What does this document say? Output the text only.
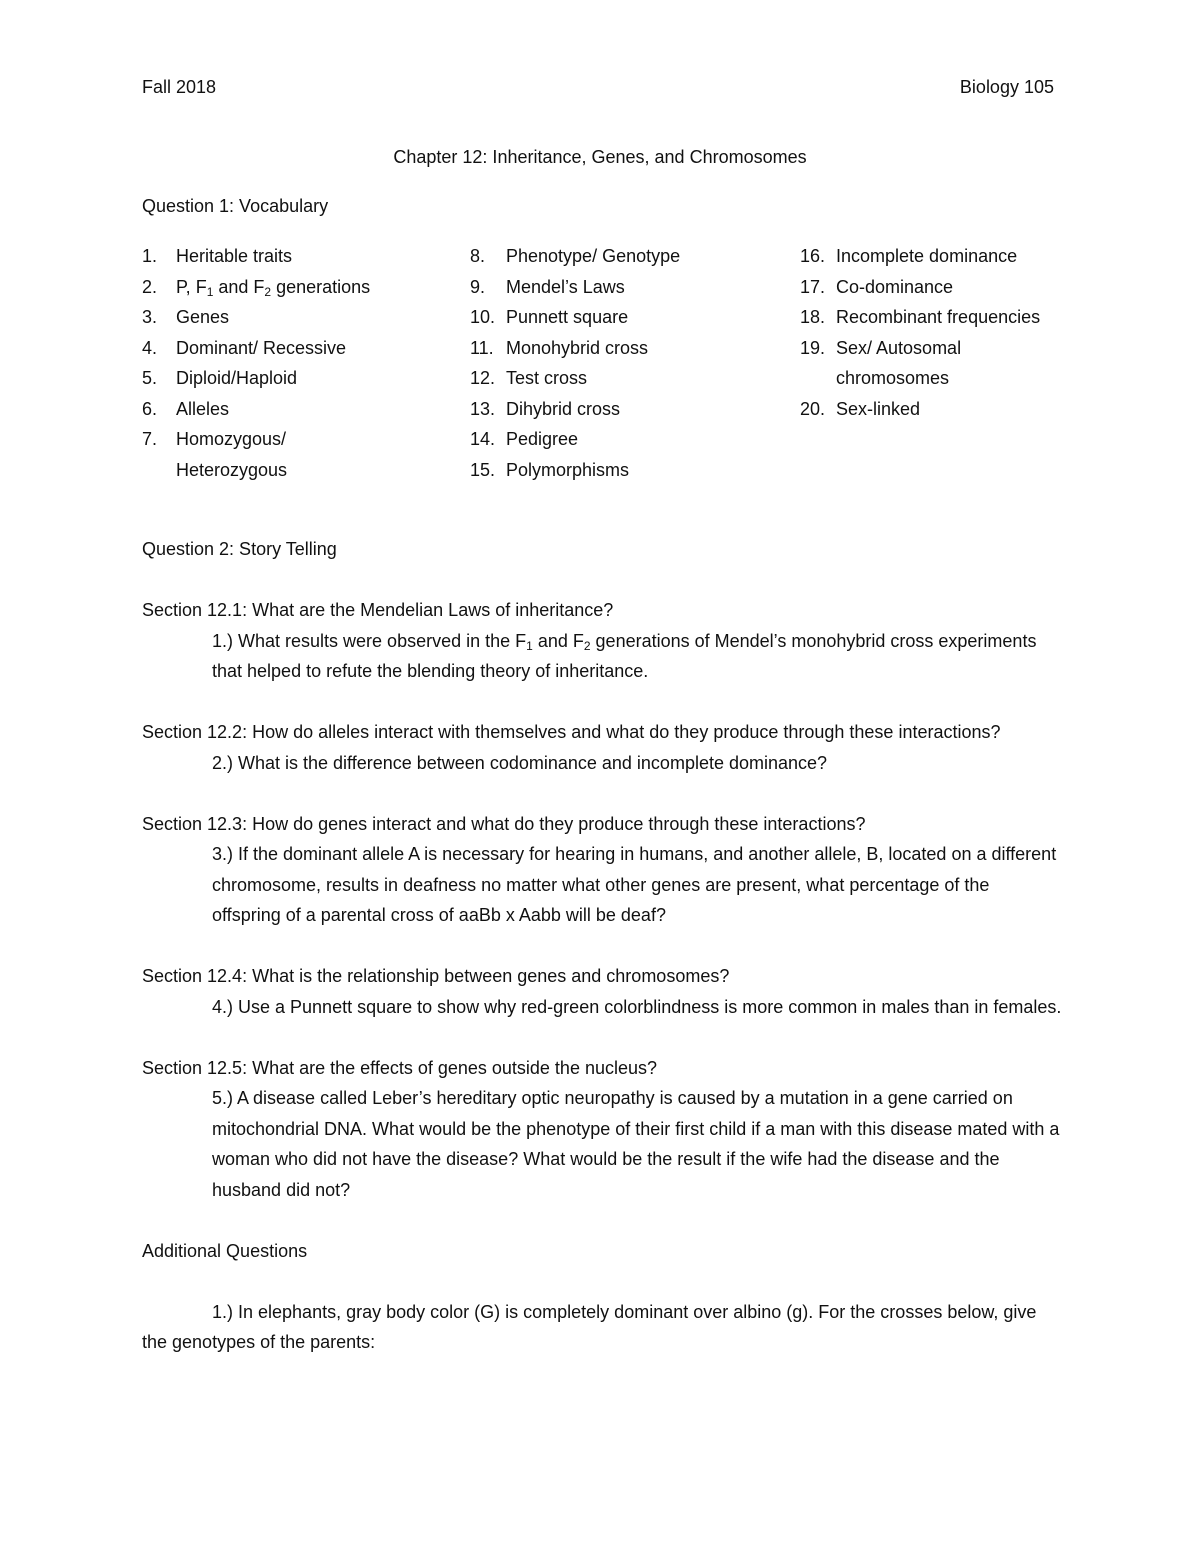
Fall 2018	Biology 105
Chapter 12: Inheritance, Genes, and Chromosomes
Question 1: Vocabulary
1.	Heritable traits
2.	P, $F_1$ and $F_2$ generations
3.	Genes
4.	Dominant/ Recessive
5.	Diploid/Haploid
6.	Alleles
7.	Homozygous/ Heterozygous
8.	Phenotype/ Genotype
9.	Mendel’s Laws
10. Punnett square
11. Monohybrid cross
12. Test cross
13. Dihybrid cross
14. Pedigree
15. Polymorphisms
16. Incomplete dominance
17. Co-dominance
18. Recombinant frequencies
19. Sex/ Autosomal chromosomes
20. Sex-linked

Question 2: Story Telling

Section 12.1: What are the Mendelian Laws of inheritance?

1.) What results were observed in the $F_1$ and $F_2$ generations of Mendel’s monohybrid cross experiments that helped to refute the blending theory of inheritance.

Section 12.2: How do alleles interact with themselves and what do they produce through these interactions?

2.) What is the difference between codominance and incomplete dominance?

Section 12.3: How do genes interact and what do they produce through these interactions?

3.) If the dominant allele A is necessary for hearing in humans, and another allele, B, located on a different chromosome, results in deafness no matter what other genes are present, what percentage of the offspring of a parental cross of aaBb x Aabb will be deaf?

Section 12.4: What is the relationship between genes and chromosomes?

4.) Use a Punnett square to show why red-green colorblindness is more common in males than in females.

Section 12.5: What are the effects of genes outside the nucleus?

5.) A disease called Leber’s hereditary optic neuropathy is caused by a mutation in a gene carried on mitochondrial DNA. What would be the phenotype of their first child if a man with this disease mated with a woman who did not have the disease? What would be the result if the wife had the disease and the husband did not?

Additional Questions

1.) In elephants, gray body color (G) is completely dominant over albino (g). For the crosses below, give the genotypes of the parents:
